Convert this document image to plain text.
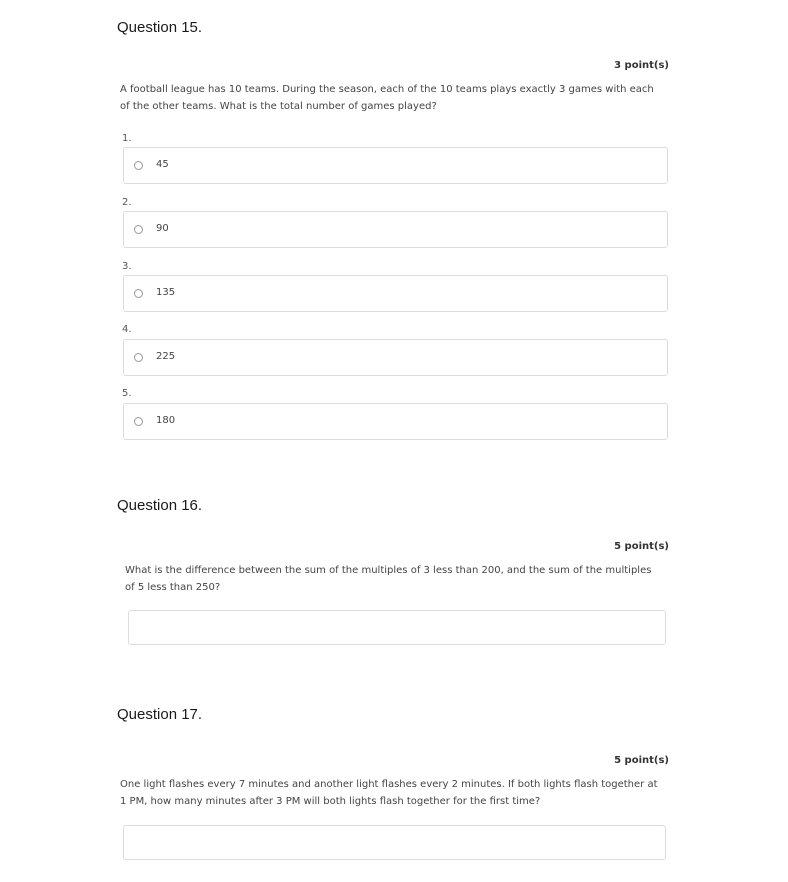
Question 15.
3 point(s)

A football league has 10 teams. During the season, each of the 10 teams plays exactly 3 games with each of the other teams. What is the total number of games played?

1.
45
2.
90
3.
135
4.
225
5.
180
Question 16.
5 point(s)

What is the difference between the sum of the multiples of 3 less than 200, and the sum of the multiples of 5 less than 250?

Question 17.
5 point(s)

One light flashes every 7 minutes and another light flashes every 2 minutes. If both lights flash together at 1 PM, how many minutes after 3 PM will both lights flash together for the first time?
